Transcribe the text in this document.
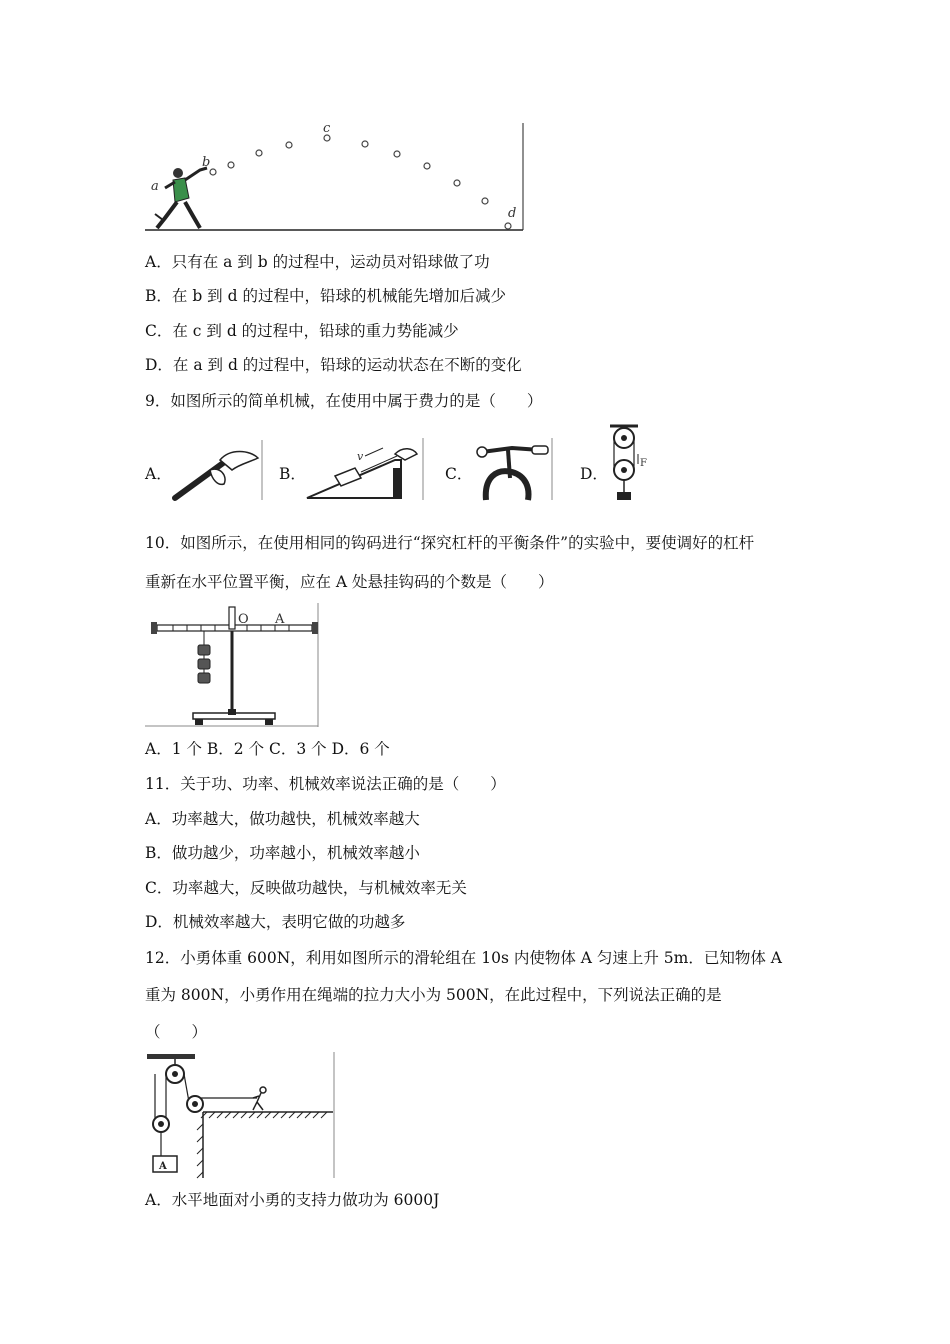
a
b
c
d
A．只有在 a 到 b 的过程中，运动员对铅球做了功
B．在 b 到 d 的过程中，铅球的机械能先增加后减少
C．在 c 到 d 的过程中，铅球的重力势能减少
D．在 a 到 d 的过程中，铅球的运动状态在不断的变化
9．如图所示的简单机械，在使用中属于费力的是（　　）
A．	B．
v
C．	D．
F
10．如图所示，在使用相同的钩码进行“探究杠杆的平衡条件”的实验中，要使调好的杠杆
重新在水平位置平衡，应在 A 处悬挂钩码的个数是（　　）
O A
A．1 个 B．2 个 C．3 个 D．6 个
11．关于功、功率、机械效率说法正确的是（　　）
A．功率越大，做功越快，机械效率越大
B．做功越少，功率越小，机械效率越小
C．功率越大，反映做功越快，与机械效率无关
D．机械效率越大，表明它做的功越多
12．小勇体重 600N，利用如图所示的滑轮组在 10s 内使物体 A 匀速上升 5m．已知物体 A
重为 800N，小勇作用在绳端的拉力大小为 500N，在此过程中，下列说法正确的是
（　　）
A
A．水平地面对小勇的支持力做功为 6000J
